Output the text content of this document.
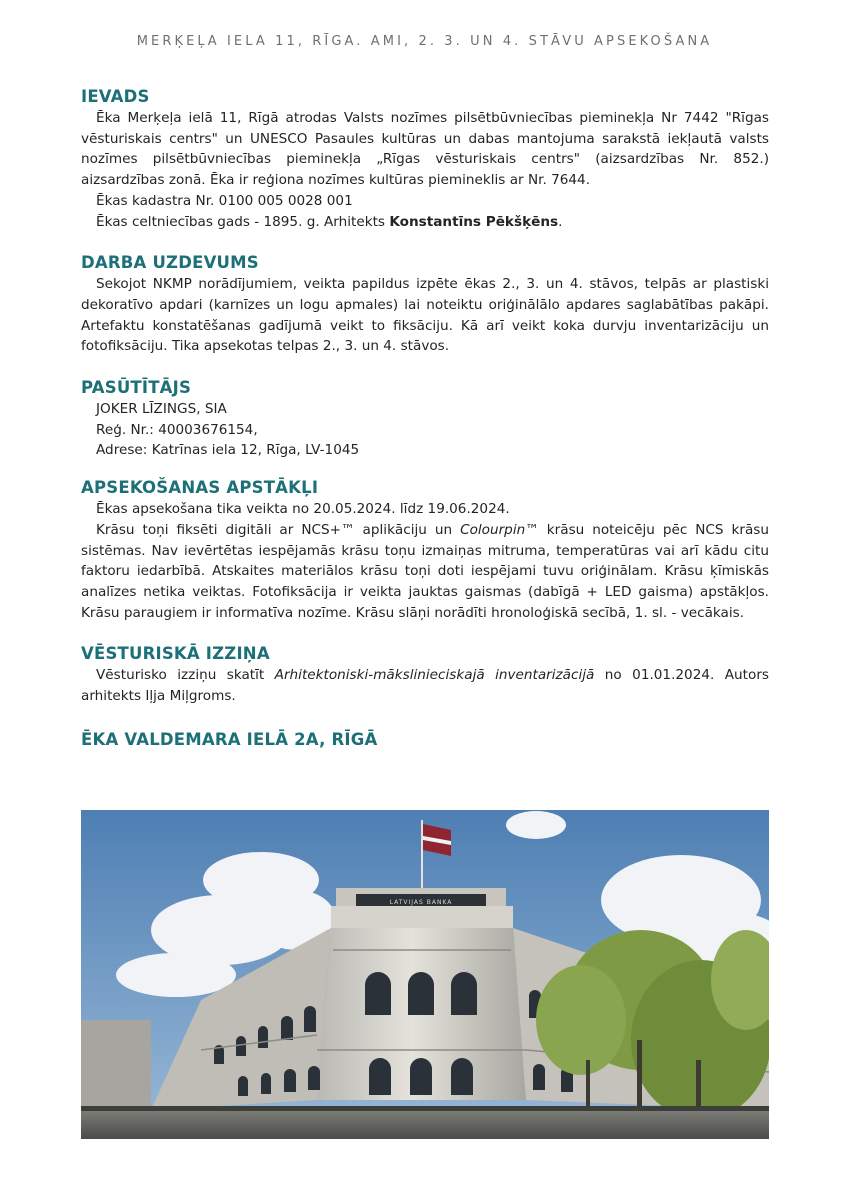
MERĶEĻA IELA 11, RĪGA. AMI, 2. 3. UN 4. STĀVU APSEKOŠANA
IEVADS

Ēka Merķeļa ielā 11, Rīgā atrodas Valsts nozīmes pilsētbūvniecības pieminekļa Nr 7442 "Rīgas vēsturiskais centrs" un UNESCO Pasaules kultūras un dabas mantojuma sarakstā iekļautā valsts nozīmes pilsētbūvniecības pieminekļa „Rīgas vēsturiskais centrs" (aizsardzības Nr. 852.) aizsardzības zonā. Ēka ir reģiona nozīmes kultūras piemineklis ar Nr. 7644.

Ēkas kadastra Nr. 0100 005 0028 001

Ēkas celtniecības gads - 1895. g. Arhitekts Konstantīns Pēkšķēns.

DARBA UZDEVUMS

Sekojot NKMP norādījumiem, veikta papildus izpēte ēkas 2., 3. un 4. stāvos, telpās ar plastiski dekoratīvo apdari (karnīzes un logu apmales) lai noteiktu oriģinālālo apdares saglabātības pakāpi. Artefaktu konstatēšanas gadījumā veikt to fiksāciju. Kā arī veikt koka durvju inventarizāciju un fotofiksāciju. Tika apsekotas telpas 2., 3. un 4. stāvos.

PASŪTĪTĀJS

JOKER LĪZINGS, SIA

Reģ. Nr.: 40003676154,

Adrese: Katrīnas iela 12, Rīga, LV-1045

APSEKOŠANAS APSTĀKĻI

Ēkas apsekošana tika veikta no 20.05.2024. līdz 19.06.2024.

Krāsu toņi fiksēti digitāli ar NCS+™ aplikāciju un Colourpin™ krāsu noteicēju pēc NCS krāsu sistēmas. Nav ievērtētas iespējamās krāsu toņu izmaiņas mitruma, temperatūras vai arī kādu citu faktoru iedarbībā. Atskaites materiālos krāsu toņi doti iespējami tuvu oriģinālam. Krāsu ķīmiskās analīzes netika veiktas. Fotofiksācija ir veikta jauktas gaismas (dabīgā + LED gaisma) apstākļos. Krāsu paraugiem ir informatīva nozīme. Krāsu slāņi norādīti hronoloģiskā secībā, 1. sl. - vecākais.

VĒSTURISKĀ IZZIŅA

Vēsturisko izziņu skatīt Arhitektoniski-mākslinieciskajā inventarizācijā no 01.01.2024. Autors arhitekts Iļja Miļgroms.

ĒKA VALDEMARA IELĀ 2A, RĪGĀ
LATVIJAS BANKA
